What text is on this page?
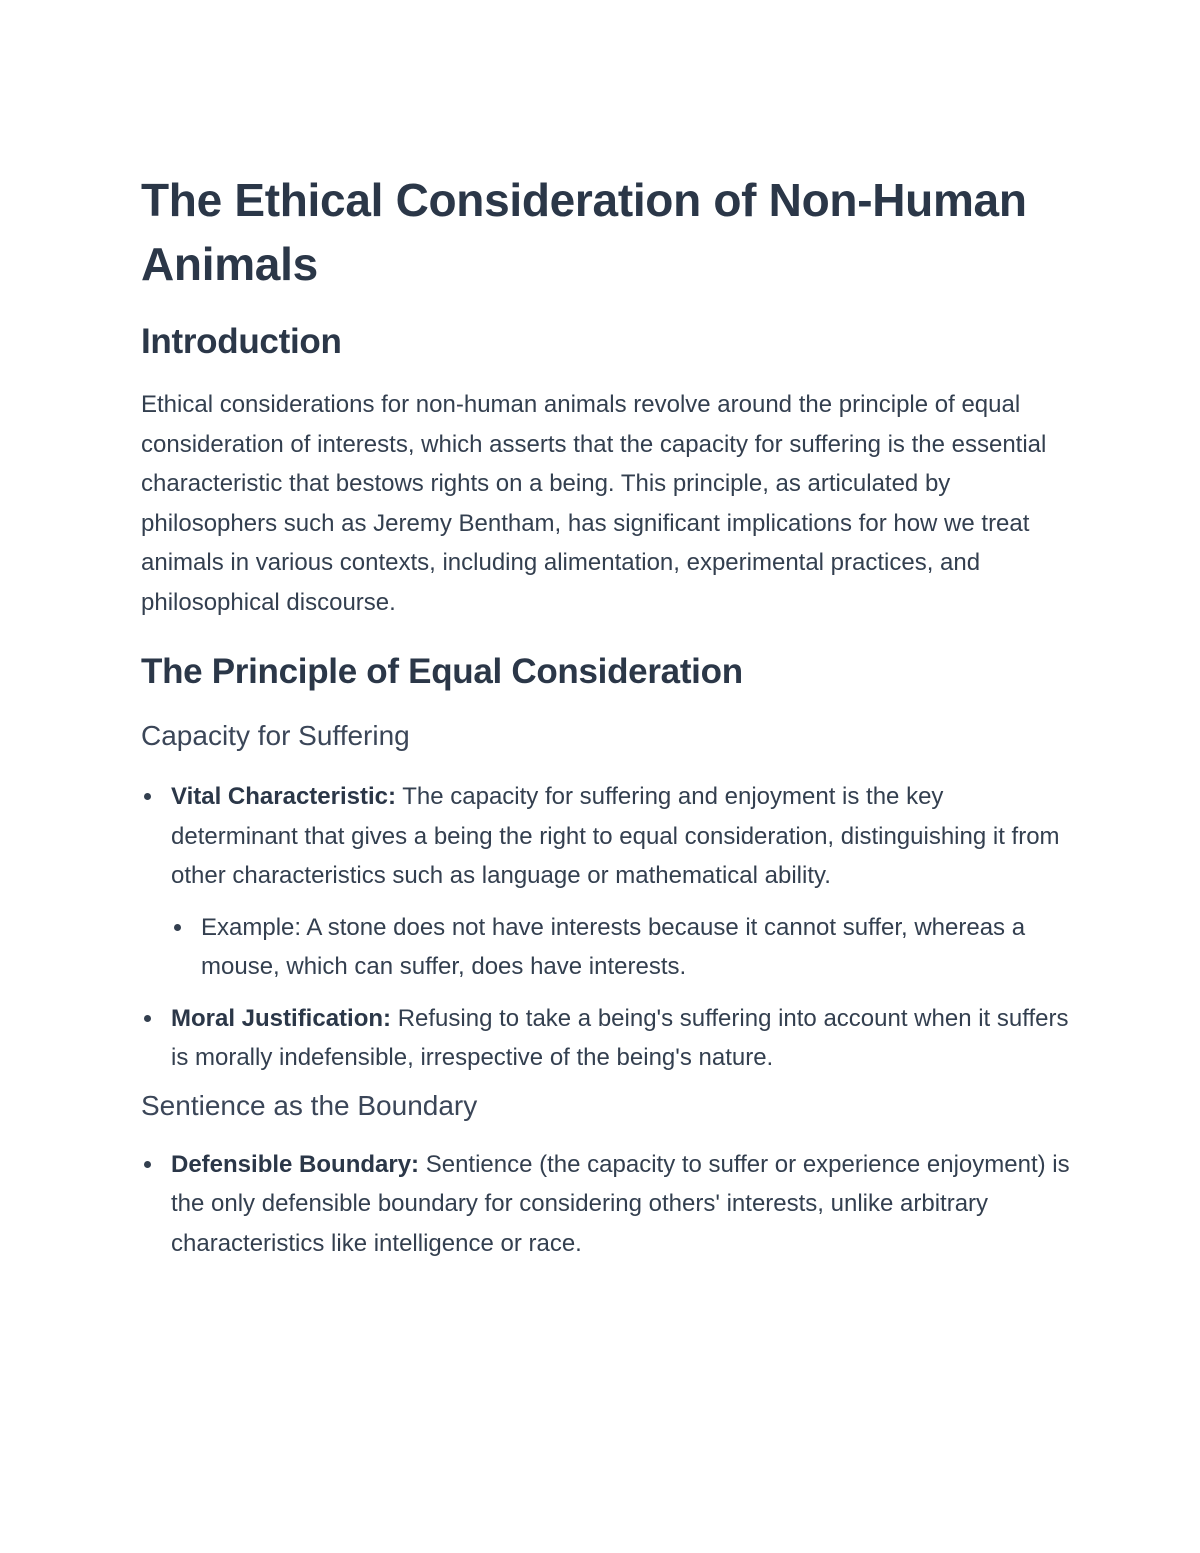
The Ethical Consideration of Non-Human Animals
Introduction

Ethical considerations for non-human animals revolve around the principle of equal consideration of interests, which asserts that the capacity for suffering is the essential characteristic that bestows rights on a being. This principle, as articulated by philosophers such as Jeremy Bentham, has significant implications for how we treat animals in various contexts, including alimentation, experimental practices, and philosophical discourse.

The Principle of Equal Consideration
Capacity for Suffering
Vital Characteristic: The capacity for suffering and enjoyment is the key determinant that gives a being the right to equal consideration, distinguishing it from other characteristics such as language or mathematical ability.
Example: A stone does not have interests because it cannot suffer, whereas a mouse, which can suffer, does have interests.
Moral Justification: Refusing to take a being's suffering into account when it suffers is morally indefensible, irrespective of the being's nature.
Sentience as the Boundary
Defensible Boundary: Sentience (the capacity to suffer or experience enjoyment) is the only defensible boundary for considering others' interests, unlike arbitrary characteristics like intelligence or race.
